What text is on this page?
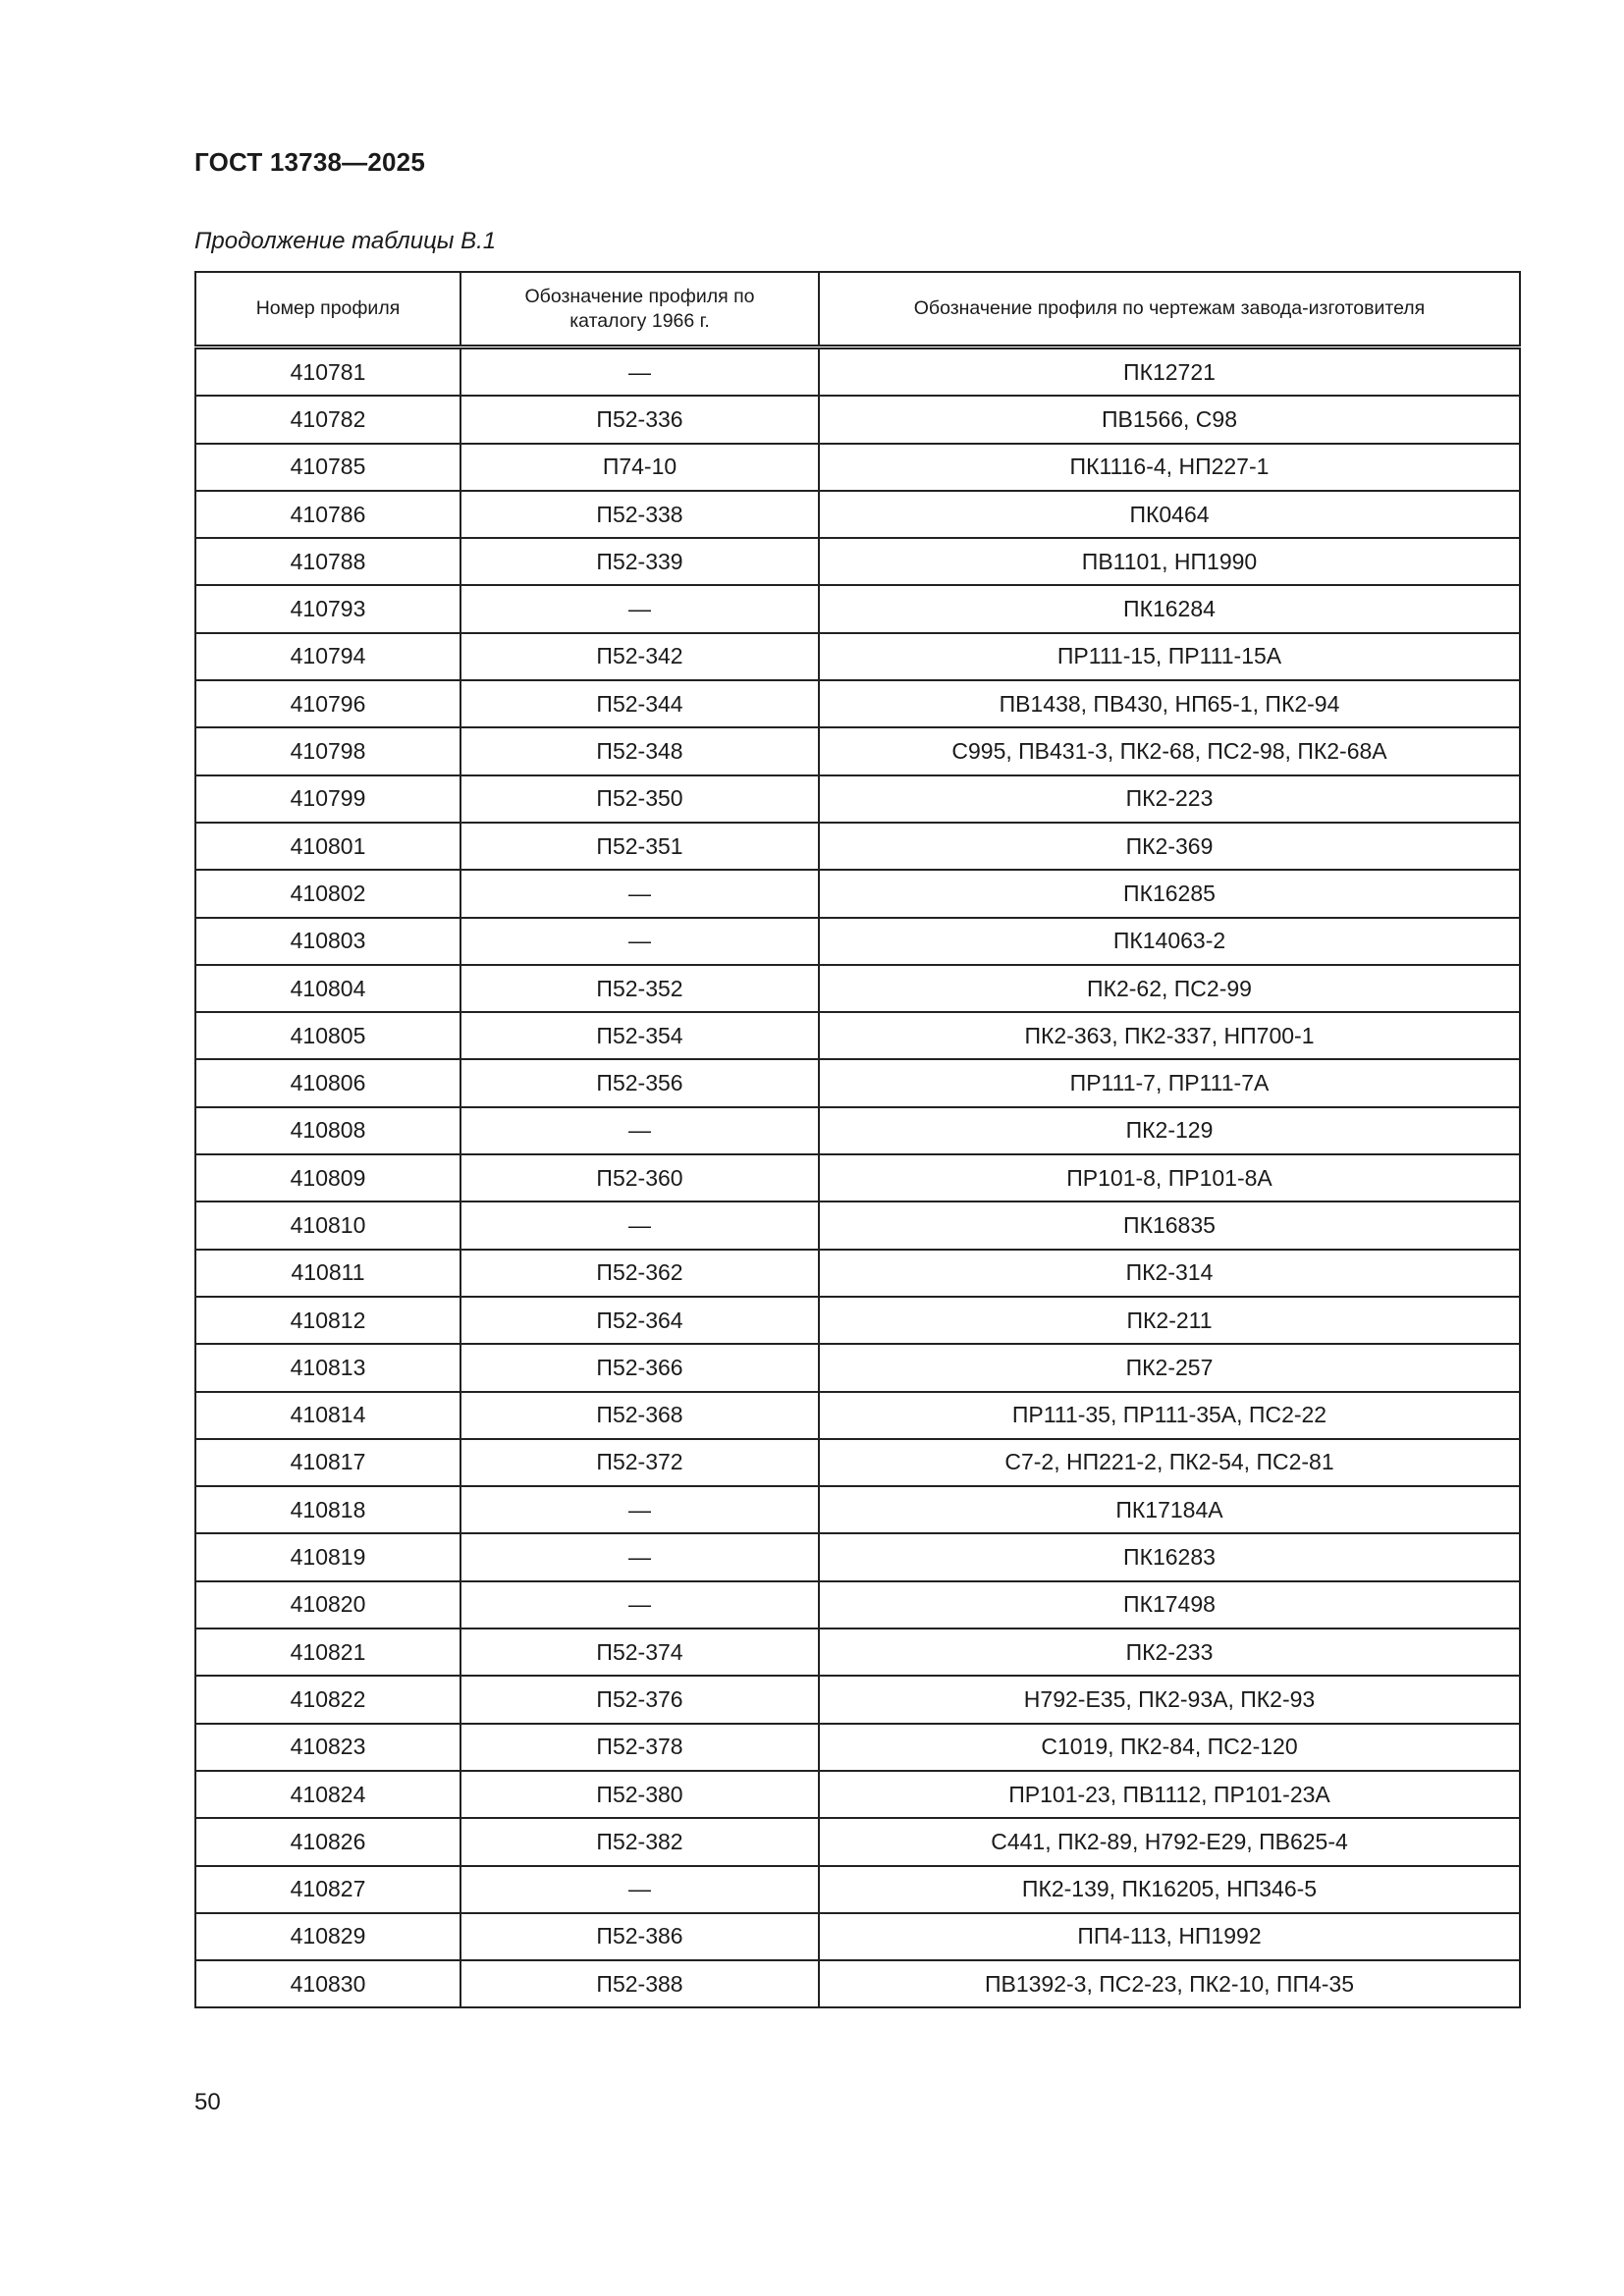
ГОСТ 13738—2025
Продолжение таблицы В.1
Номер профиля	Обозначение профиля по каталогу 1966 г.	Обозначение профиля по чертежам завода-изготовителя
410781	—	ПК12721
410782	П52-336	ПВ1566, С98
410785	П74-10	ПК1116-4, НП227-1
410786	П52-338	ПК0464
410788	П52-339	ПВ1101, НП1990
410793	—	ПК16284
410794	П52-342	ПР111-15, ПР111-15А
410796	П52-344	ПВ1438, ПВ430, НП65-1, ПК2-94
410798	П52-348	С995, ПВ431-3, ПК2-68, ПС2-98, ПК2-68А
410799	П52-350	ПК2-223
410801	П52-351	ПК2-369
410802	—	ПК16285
410803	—	ПК14063-2
410804	П52-352	ПК2-62, ПС2-99
410805	П52-354	ПК2-363, ПК2-337, НП700-1
410806	П52-356	ПР111-7, ПР111-7А
410808	—	ПК2-129
410809	П52-360	ПР101-8, ПР101-8А
410810	—	ПК16835
410811	П52-362	ПК2-314
410812	П52-364	ПК2-211
410813	П52-366	ПК2-257
410814	П52-368	ПР111-35, ПР111-35А, ПС2-22
410817	П52-372	С7-2, НП221-2, ПК2-54, ПС2-81
410818	—	ПК17184А
410819	—	ПК16283
410820	—	ПК17498
410821	П52-374	ПК2-233
410822	П52-376	Н792-Е35, ПК2-93А, ПК2-93
410823	П52-378	С1019, ПК2-84, ПС2-120
410824	П52-380	ПР101-23, ПВ1112, ПР101-23А
410826	П52-382	С441, ПК2-89, Н792-Е29, ПВ625-4
410827	—	ПК2-139, ПК16205, НП346-5
410829	П52-386	ПП4-113, НП1992
410830	П52-388	ПВ1392-3, ПС2-23, ПК2-10, ПП4-35
50
